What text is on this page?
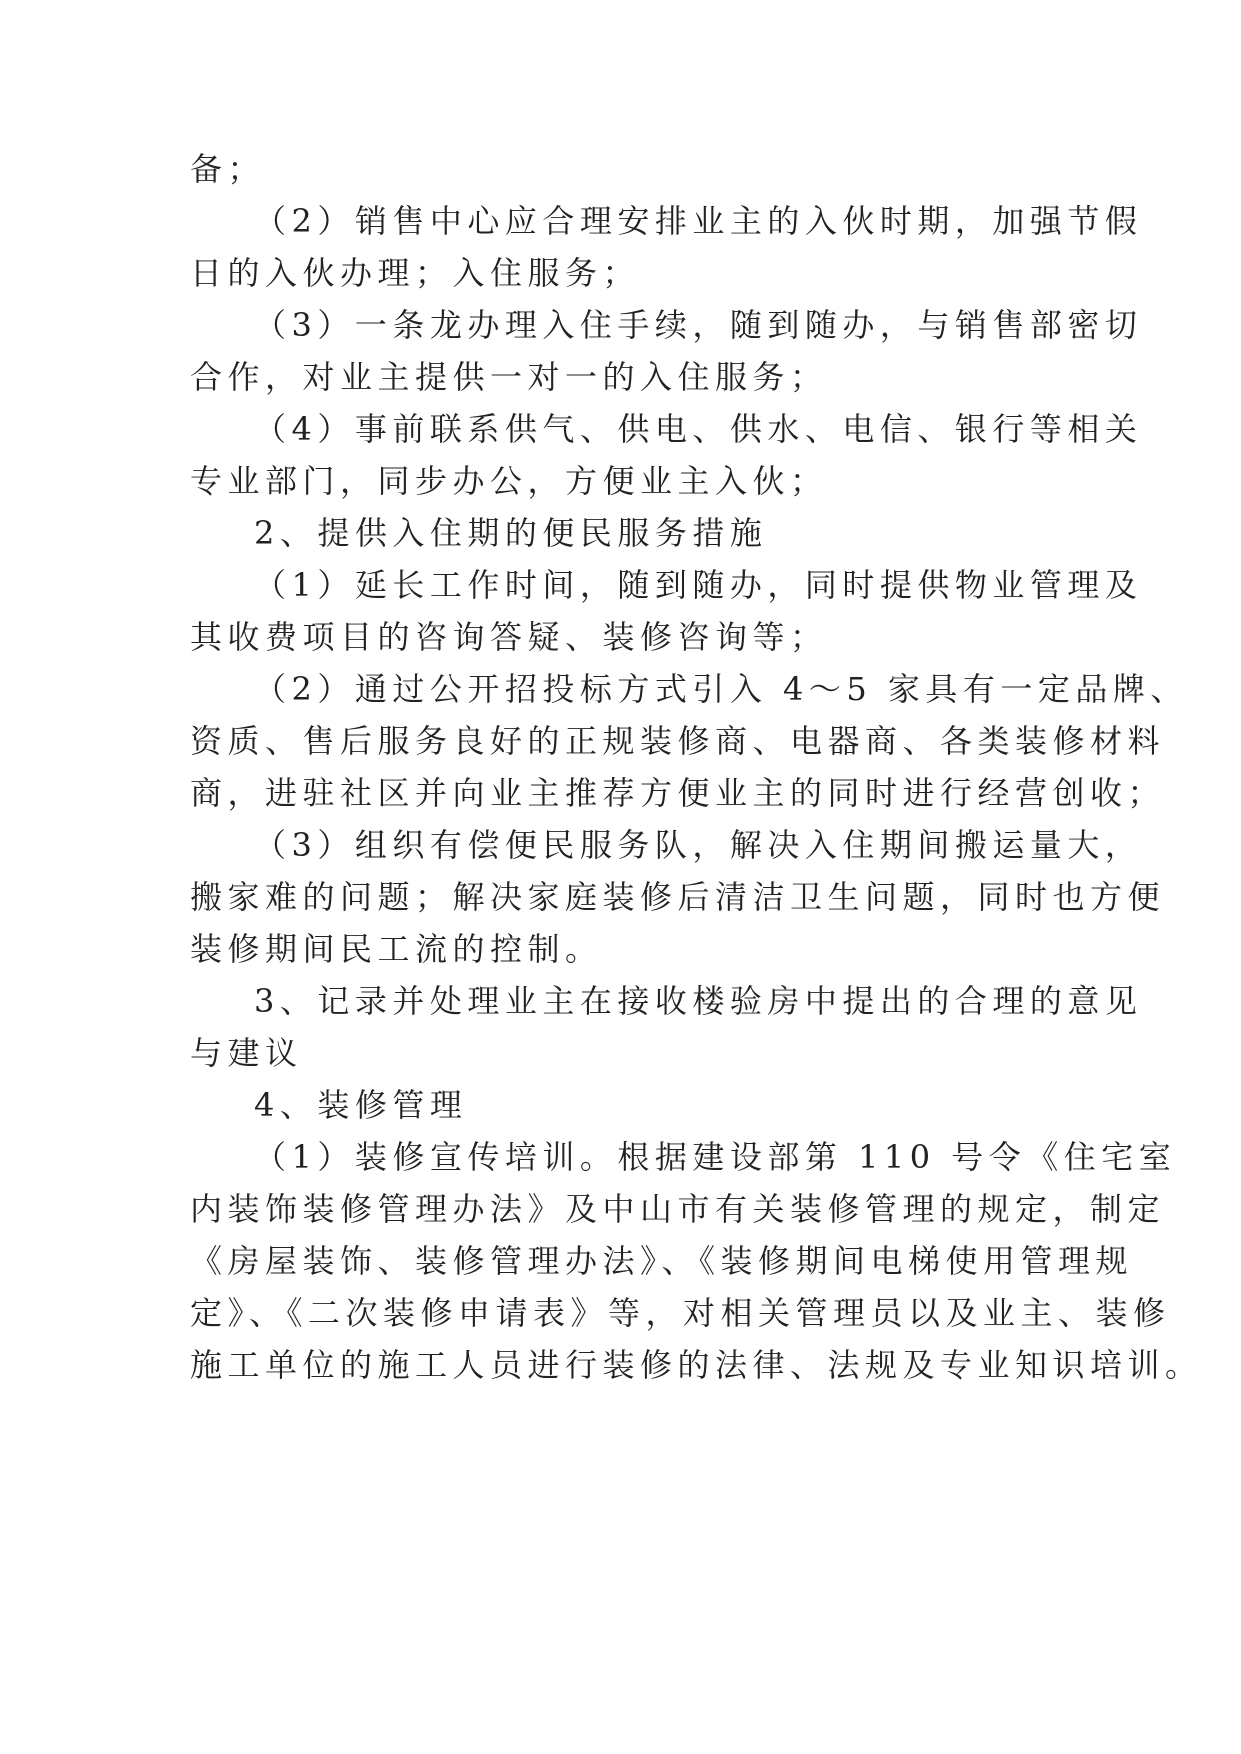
备；
（2）销售中心应合理安排业主的入伙时期，加强节假
日的入伙办理；入住服务；
（3）一条龙办理入住手续，随到随办，与销售部密切
合作，对业主提供一对一的入住服务；
（4）事前联系供气、供电、供水、电信、银行等相关
专业部门，同步办公，方便业主入伙；
2、提供入住期的便民服务措施
（1）延长工作时间，随到随办，同时提供物业管理及
其收费项目的咨询答疑、装修咨询等；
（2）通过公开招投标方式引入 4～5 家具有一定品牌、
资质、售后服务良好的正规装修商、电器商、各类装修材料
商，进驻社区并向业主推荐方便业主的同时进行经营创收；
（3）组织有偿便民服务队，解决入住期间搬运量大，
搬家难的问题；解决家庭装修后清洁卫生问题，同时也方便
装修期间民工流的控制。
3、记录并处理业主在接收楼验房中提出的合理的意见
与建议
4、装修管理
（1）装修宣传培训。根据建设部第 110 号令《住宅室
内装饰装修管理办法》及中山市有关装修管理的规定，制定
《房屋装饰、装修管理办法》、《装修期间电梯使用管理规
定》、《二次装修申请表》等，对相关管理员以及业主、装修
施工单位的施工人员进行装修的法律、法规及专业知识培训。
